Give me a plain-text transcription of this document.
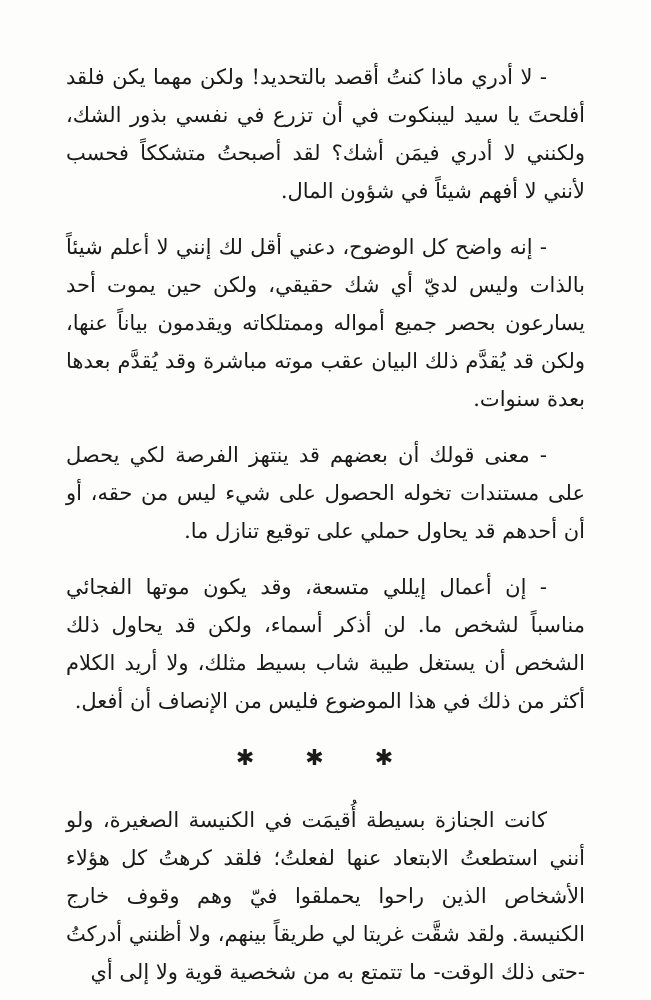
- لا أدري ماذا كنتُ أقصد بالتحديد! ولكن مهما يكن فلقد أفلحتَ يا سيد ليبنكوت في أن تزرع في نفسي بذور الشك، ولكنني لا أدري فيمَن أشك؟ لقد أصبحتُ متشككاً فحسب لأنني لا أفهم شيئاً في شؤون المال.

- إنه واضح كل الوضوح، دعني أقل لك إنني لا أعلم شيئاً بالذات وليس لديّ أي شك حقيقي، ولكن حين يموت أحد يسارعون بحصر جميع أمواله وممتلكاته ويقدمون بياناً عنها، ولكن قد يُقدَّم ذلك البيان عقب موته مباشرة وقد يُقدَّم بعدها بعدة سنوات.

- معنى قولك أن بعضهم قد ينتهز الفرصة لكي يحصل على مستندات تخوله الحصول على شيء ليس من حقه، أو أن أحدهم قد يحاول حملي على توقيع تنازل ما.

- إن أعمال إيللي متسعة، وقد يكون موتها الفجائي مناسباً لشخص ما. لن أذكر أسماء، ولكن قد يحاول ذلك الشخص أن يستغل طيبة شاب بسيط مثلك، ولا أريد الكلام أكثر من ذلك في هذا الموضوع فليس من الإنصاف أن أفعل.

✱ ✱ ✱

كانت الجنازة بسيطة أُقيمَت في الكنيسة الصغيرة، ولو أنني استطعتُ الابتعاد عنها لفعلتُ؛ فلقد كرهتُ كل هؤلاء الأشخاص الذين راحوا يحملقوا فيّ وهم وقوف خارج الكنيسة. ولقد شقَّت غريتا لي طريقاً بينهم، ولا أظنني أدركتُ -حتى ذلك الوقت- ما تتمتع به من شخصية قوية ولا إلى أي
